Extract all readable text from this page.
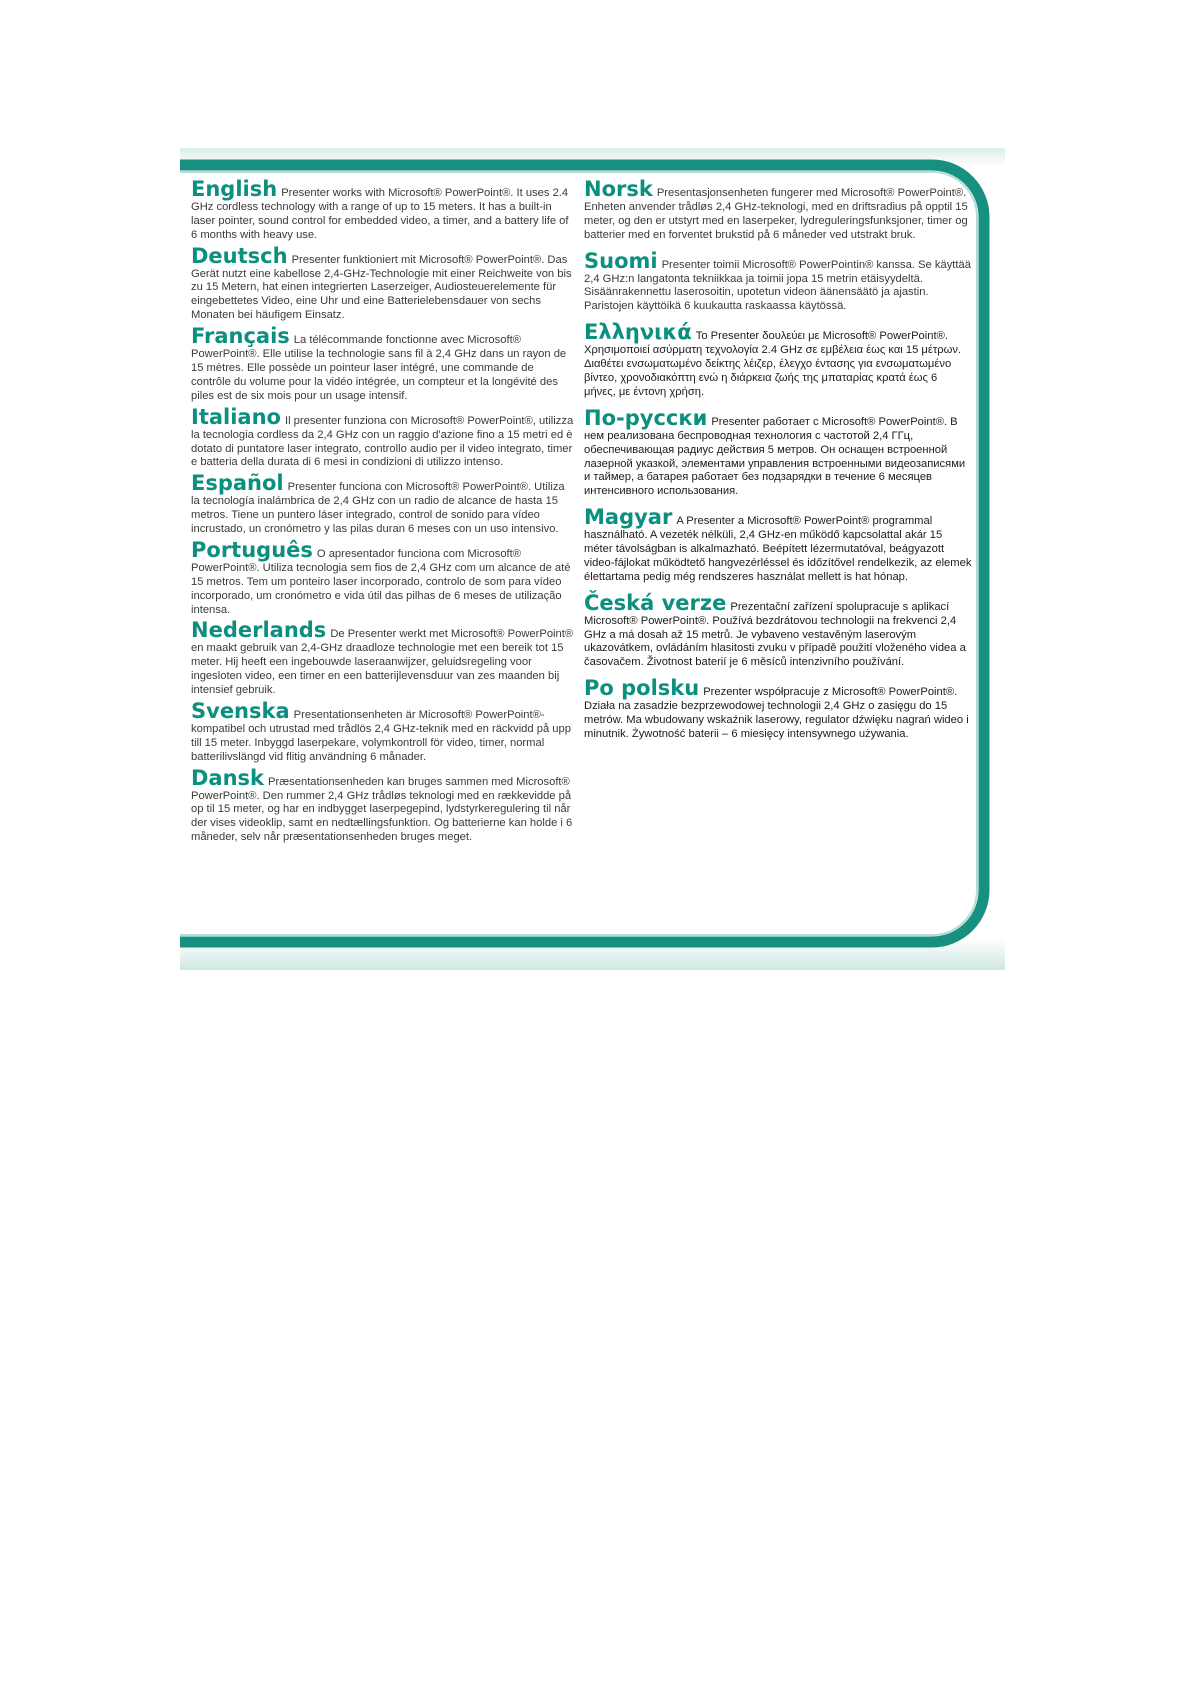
English Presenter works with Microsoft® PowerPoint®. It uses 2.4 GHz cordless technology with a range of up to 15 meters. It has a built-in laser pointer, sound control for embedded video, a timer, and a battery life of 6 months with heavy use.

Deutsch Presenter funktioniert mit Microsoft® PowerPoint®. Das Gerät nutzt eine kabellose 2,4-GHz-Technologie mit einer Reichweite von bis zu 15 Metern, hat einen integrierten Laserzeiger, Audiosteuerelemente für eingebettetes Video, eine Uhr und eine Batterielebensdauer von sechs Monaten bei häufigem Einsatz.

Français La télécommande fonctionne avec Microsoft® PowerPoint®. Elle utilise la technologie sans fil à 2,4 GHz dans un rayon de 15 mètres. Elle possède un pointeur laser intégré, une commande de contrôle du volume pour la vidéo intégrée, un compteur et la longévité des piles est de six mois pour un usage intensif.

Italiano Il presenter funziona con Microsoft® PowerPoint®, utilizza la tecnologia cordless da 2,4 GHz con un raggio d'azione fino a 15 metri ed è dotato di puntatore laser integrato, controllo audio per il video integrato, timer e batteria della durata di 6 mesi in condizioni di utilizzo intenso.

Español Presenter funciona con Microsoft® PowerPoint®. Utiliza la tecnología inalámbrica de 2,4 GHz con un radio de alcance de hasta 15 metros. Tiene un puntero láser integrado, control de sonido para vídeo incrustado, un cronómetro y las pilas duran 6 meses con un uso intensivo.

Português O apresentador funciona com Microsoft® PowerPoint®. Utiliza tecnologia sem fios de 2,4 GHz com um alcance de até 15 metros. Tem um ponteiro laser incorporado, controlo de som para vídeo incorporado, um cronómetro e vida útil das pilhas de 6 meses de utilização intensa.

Nederlands De Presenter werkt met Microsoft® PowerPoint® en maakt gebruik van 2,4-GHz draadloze technologie met een bereik tot 15 meter. Hij heeft een ingebouwde laseraanwijzer, geluidsregeling voor ingesloten video, een timer en een batterijlevensduur van zes maanden bij intensief gebruik.

Svenska Presentationsenheten är Microsoft® PowerPoint®-kompatibel och utrustad med trådlös 2,4 GHz-teknik med en räckvidd på upp till 15 meter. Inbyggd laserpekare, volymkontroll för video, timer, normal batterilivslängd vid flitig användning 6 månader.

Dansk Præsentationsenheden kan bruges sammen med Microsoft® PowerPoint®. Den rummer 2,4 GHz trådløs teknologi med en rækkevidde på op til 15 meter, og har en indbygget laserpegepind, lydstyrkeregulering til når der vises videoklip, samt en nedtællingsfunktion. Og batterierne kan holde i 6 måneder, selv når præsentationsenheden bruges meget.

Norsk Presentasjonsenheten fungerer med Microsoft® PowerPoint®. Enheten anvender trådløs 2,4 GHz-teknologi, med en driftsradius på opptil 15 meter, og den er utstyrt med en laserpeker, lydreguleringsfunksjoner, timer og batterier med en forventet brukstid på 6 måneder ved utstrakt bruk.

Suomi Presenter toimii Microsoft® PowerPointin® kanssa. Se käyttää 2,4 GHz:n langatonta tekniikkaa ja toimii jopa 15 metrin etäisyydeltä. Sisäänrakennettu laserosoitin, upotetun videon äänensäätö ja ajastin. Paristojen käyttöikä 6 kuukautta raskaassa käytössä.

Ελληνικά Το Presenter δουλεύει με Microsoft® PowerPoint®. Χρησιμοποιεί ασύρματη τεχνολογία 2.4 GHz σε εμβέλεια έως και 15 μέτρων. Διαθέτει ενσωματωμένο δείκτης λέιζερ, έλεγχο έντασης για ενσωματωμένο βίντεο, χρονοδιακόπτη ενώ η διάρκεια ζωής της μπαταρίας κρατά έως 6 μήνες, με έντονη χρήση.

По-русски Presenter работает с Microsoft® PowerPoint®. В нем реализована беспроводная технология с частотой 2,4 ГГц, обеспечивающая радиус действия 5 метров. Он оснащен встроенной лазерной указкой, элементами управления встроенными видеозаписями и таймер, а батарея работает без подзарядки в течение 6 месяцев интенсивного использования.

Magyar A Presenter a Microsoft® PowerPoint® programmal használható. A vezeték nélküli, 2,4 GHz-en működő kapcsolattal akár 15 méter távolságban is alkalmazható. Beépített lézermutatóval, beágyazott video-fájlokat működtető hangvezérléssel és időzítővel rendelkezik, az elemek élettartama pedig még rendszeres használat mellett is hat hónap.

Česká verze Prezentační zařízení spolupracuje s aplikací Microsoft® PowerPoint®. Používá bezdrátovou technologii na frekvenci 2,4 GHz a má dosah až 15 metrů. Je vybaveno vestavěným laserovým ukazovátkem, ovládáním hlasitosti zvuku v případě použití vloženého videa a časovačem. Životnost baterií je 6 měsíců intenzivního používání.

Po polsku Prezenter współpracuje z Microsoft® PowerPoint®. Działa na zasadzie bezprzewodowej technologii 2,4 GHz o zasięgu do 15 metrów. Ma wbudowany wskaźnik laserowy, regulator dźwięku nagrań wideo i minutnik. Żywotność baterii – 6 miesięcy intensywnego używania.
